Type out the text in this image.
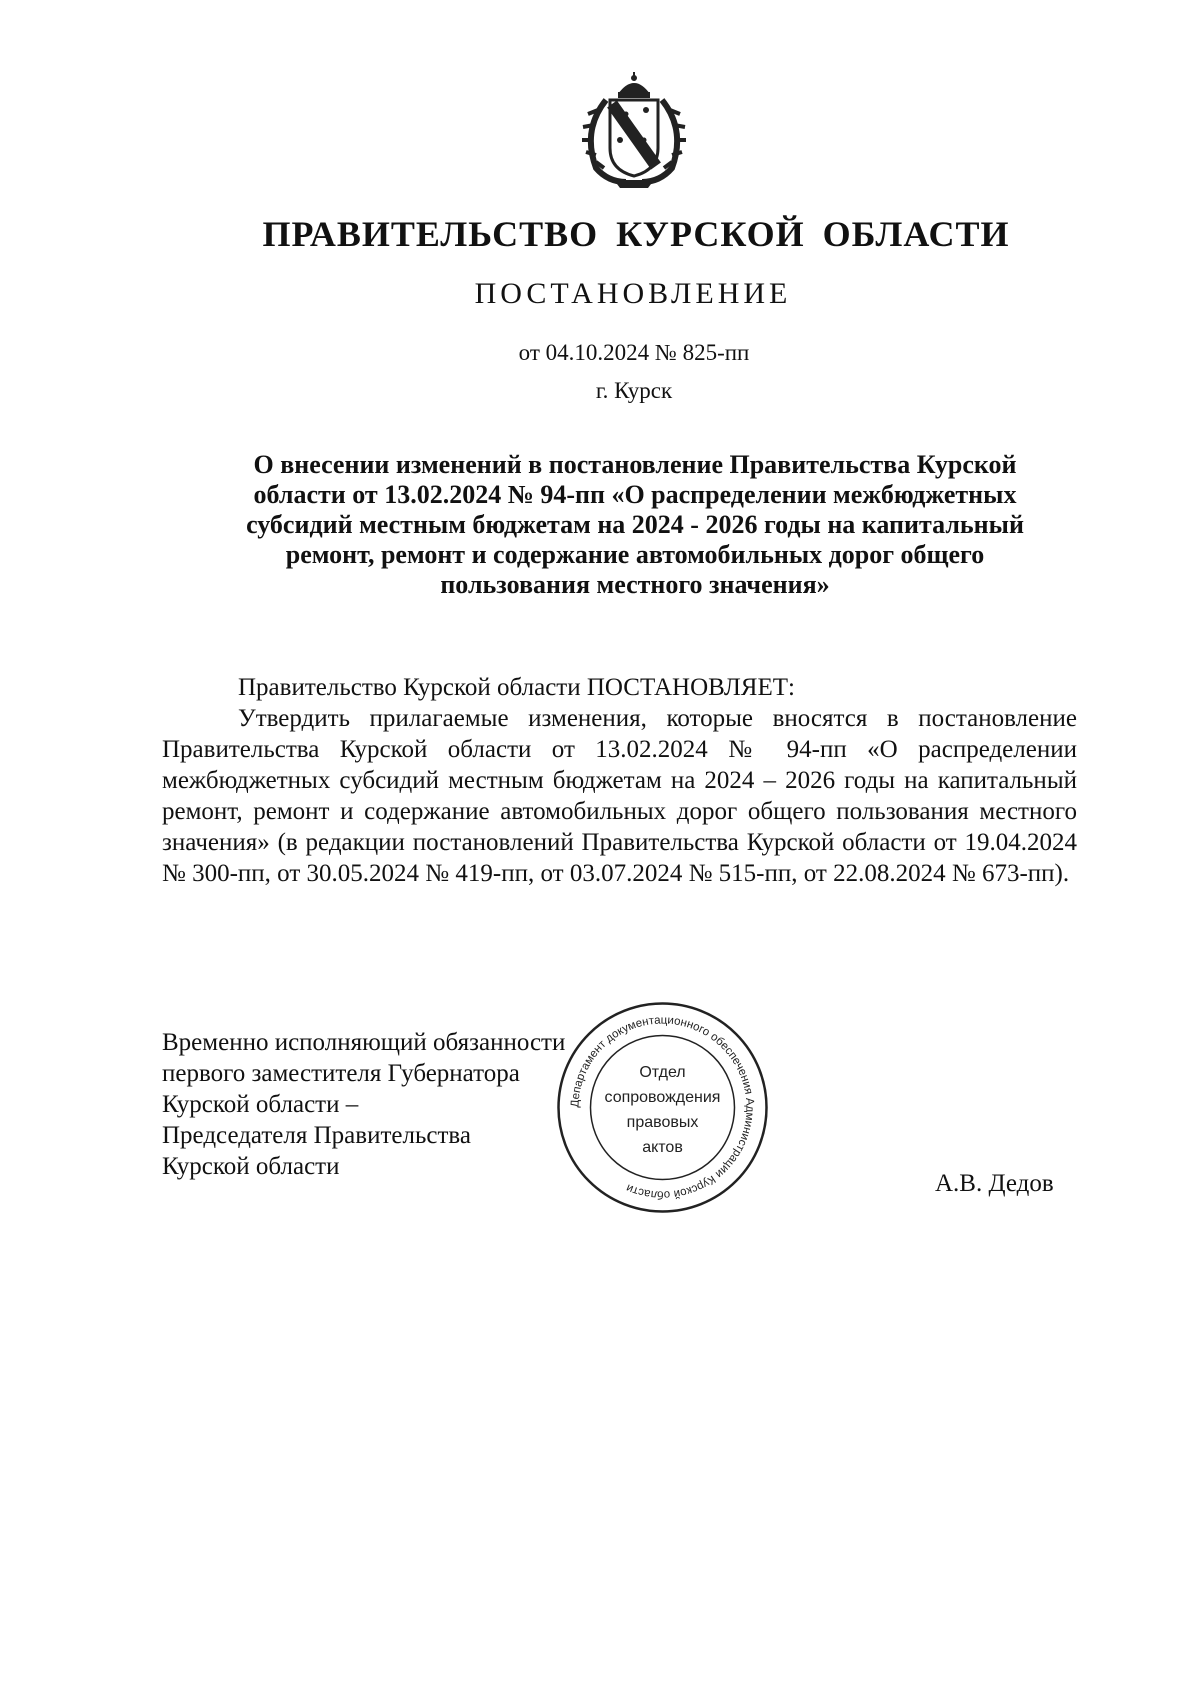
ПРАВИТЕЛЬСТВО КУРСКОЙ ОБЛАСТИ
ПОСТАНОВЛЕНИЕ
от 04.10.2024 № 825-пп
г. Курск
О внесении изменений в постановление Правительства Курской
области от 13.02.2024 № 94-пп «О распределении межбюджетных
субсидий местным бюджетам на 2024 - 2026 годы на капитальный
ремонт, ремонт и содержание автомобильных дорог общего
пользования местного значения»

Правительство Курской области ПОСТАНОВЛЯЕТ:

Утвердить прилагаемые изменения, которые вносятся в постановление Правительства Курской области от 13.02.2024 № 94-пп «О распределении межбюджетных субсидий местным бюджетам на 2024 – 2026 годы на капитальный ремонт, ремонт и содержание автомобильных дорог общего пользования местного значения» (в редакции постановлений Правительства Курской области от 19.04.2024 № 300-пп, от 30.05.2024 № 419-пп, от 03.07.2024 № 515-пп, от 22.08.2024 № 673-пп).

Временно исполняющий обязанности
первого заместителя Губернатора
Курской области –
Председателя Правительства
Курской области
А.В. Дедов
Департамент документационного обеспечения Администрации Курской области
Отдел
сопровождения
правовых
актов
